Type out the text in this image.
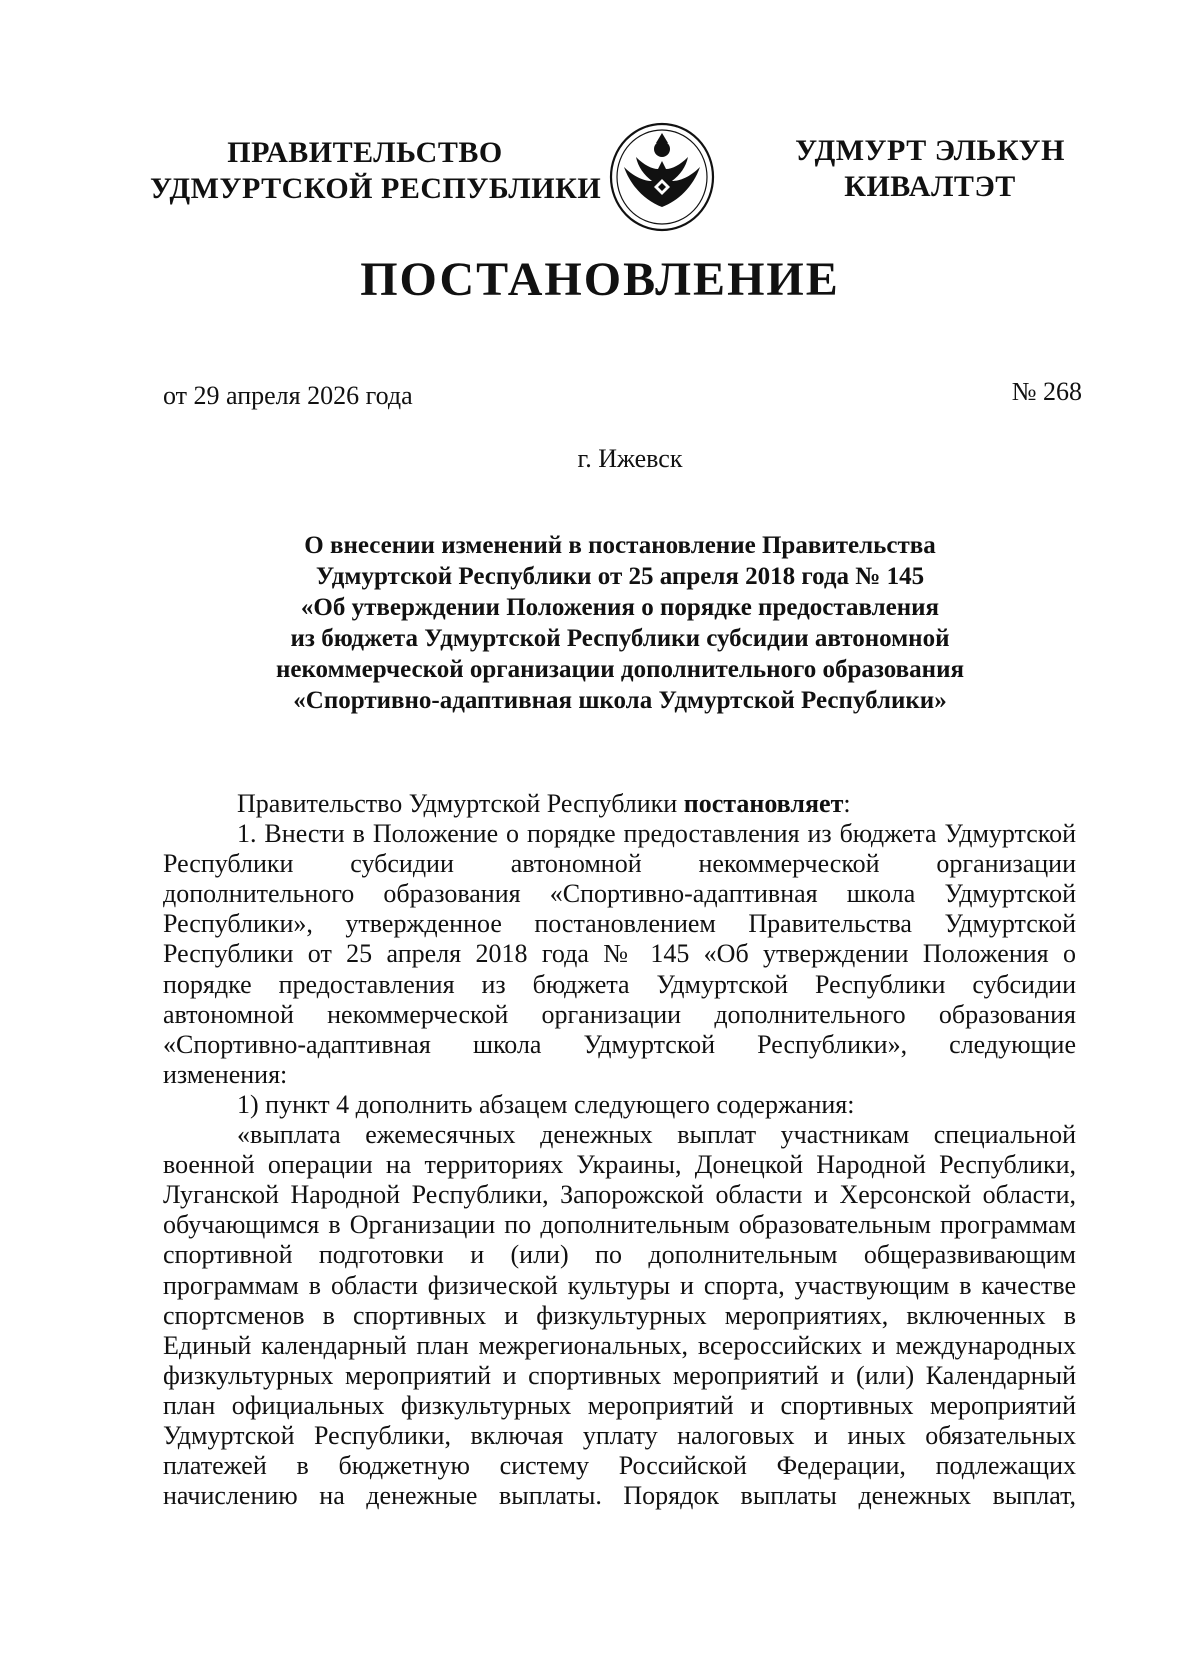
ПРАВИТЕЛЬСТВО
УДМУРТСКОЙ РЕСПУБЛИКИ
УДМУРТ ЭЛЬКУН
КИВАЛТЭТ
ПОСТАНОВЛЕНИЕ
от 29 апреля 2026 года	№ 268
г. Ижевск
О внесении изменений в постановление Правительства
Удмуртской Республики от 25 апреля 2018 года № 145
«Об утверждении Положения о порядке предоставления
из бюджета Удмуртской Республики субсидии автономной
некоммерческой организации дополнительного образования
«Спортивно-адаптивная школа Удмуртской Республики»
Правительство Удмуртской Республики постановляет:
1. Внести в Положение о порядке предоставления из бюджета Удмуртской
Республики субсидии автономной некоммерческой организации
дополнительного образования «Спортивно-адаптивная школа Удмуртской
Республики», утвержденное постановлением Правительства Удмуртской
Республики от 25 апреля 2018 года № 145 «Об утверждении Положения о
порядке предоставления из бюджета Удмуртской Республики субсидии
автономной некоммерческой организации дополнительного образования
«Спортивно-адаптивная школа Удмуртской Республики», следующие
изменения:
1) пункт 4 дополнить абзацем следующего содержания:
«выплата ежемесячных денежных выплат участникам специальной
военной операции на территориях Украины, Донецкой Народной Республики,
Луганской Народной Республики, Запорожской области и Херсонской области,
обучающимся в Организации по дополнительным образовательным программам
спортивной подготовки и (или) по дополнительным общеразвивающим
программам в области физической культуры и спорта, участвующим в качестве
спортсменов в спортивных и физкультурных мероприятиях, включенных в
Единый календарный план межрегиональных, всероссийских и международных
физкультурных мероприятий и спортивных мероприятий и (или) Календарный
план официальных физкультурных мероприятий и спортивных мероприятий
Удмуртской Республики, включая уплату налоговых и иных обязательных
платежей в бюджетную систему Российской Федерации, подлежащих
начислению на денежные выплаты. Порядок выплаты денежных выплат,
